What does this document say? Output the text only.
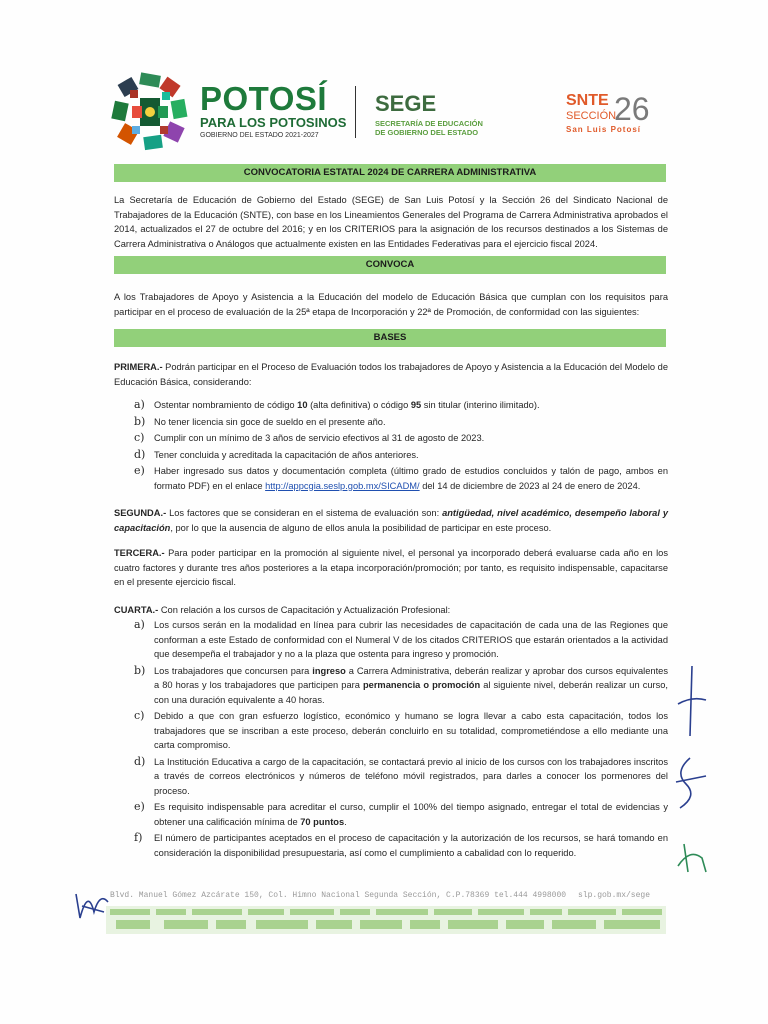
POTOSÍ
PARA LOS POTOSINOS
GOBIERNO DEL ESTADO 2021-2027
SEGE
SECRETARÍA DE EDUCACIÓN
DE GOBIERNO DEL ESTADO
SNTE
SECCIÓN
26
San Luis Potosí
CONVOCATORIA ESTATAL 2024 DE CARRERA ADMINISTRATIVA
La Secretaría de Educación de Gobierno del Estado (SEGE) de San Luis Potosí y la Sección 26 del Sindicato Nacional de Trabajadores de la Educación (SNTE), con base en los Lineamientos Generales del Programa de Carrera Administrativa aprobados el 2014, actualizados el 27 de octubre del 2016; y en los CRITERIOS para la asignación de los recursos destinados a los Sistemas de Carrera Administrativa o Análogos que actualmente existen en las Entidades Federativas para el ejercicio fiscal 2024.
CONVOCA
A los Trabajadores de Apoyo y Asistencia a la Educación del modelo de Educación Básica que cumplan con los requisitos para participar en el proceso de evaluación de la 25ª etapa de Incorporación y 22ª de Promoción, de conformidad con las siguientes:
BASES
PRIMERA.- Podrán participar en el Proceso de Evaluación todos los trabajadores de Apoyo y Asistencia a la Educación del Modelo de Educación Básica, considerando:
a) Ostentar nombramiento de código 10 (alta definitiva) o código 95 sin titular (interino ilimitado).
b) No tener licencia sin goce de sueldo en el presente año.
c) Cumplir con un mínimo de 3 años de servicio efectivos al 31 de agosto de 2023.
d) Tener concluida y acreditada la capacitación de años anteriores.
e) Haber ingresado sus datos y documentación completa (último grado de estudios concluidos y talón de pago, ambos en formato PDF) en el enlace http://appcgia.seslp.gob.mx/SICADM/ del 14 de diciembre de 2023 al 24 de enero de 2024.
SEGUNDA.- Los factores que se consideran en el sistema de evaluación son: antigüedad, nivel académico, desempeño laboral y capacitación, por lo que la ausencia de alguno de ellos anula la posibilidad de participar en este proceso.
TERCERA.- Para poder participar en la promoción al siguiente nivel, el personal ya incorporado deberá evaluarse cada año en los cuatro factores y durante tres años posteriores a la etapa incorporación/promoción; por tanto, es requisito indispensable, capacitarse en el presente ejercicio fiscal.
CUARTA.- Con relación a los cursos de Capacitación y Actualización Profesional:
a) Los cursos serán en la modalidad en línea para cubrir las necesidades de capacitación de cada una de las Regiones que conforman a este Estado de conformidad con el Numeral V de los citados CRITERIOS que estarán orientados a la actividad que desempeña el trabajador y no a la plaza que ostenta para ingreso y promoción.
b) Los trabajadores que concursen para ingreso a Carrera Administrativa, deberán realizar y aprobar dos cursos equivalentes a 80 horas y los trabajadores que participen para permanencia o promoción al siguiente nivel, deberán realizar un curso, con una duración equivalente a 40 horas.
c) Debido a que con gran esfuerzo logístico, económico y humano se logra llevar a cabo esta capacitación, todos los trabajadores que se inscriban a este proceso, deberán concluirlo en su totalidad, comprometiéndose a ello mediante una carta compromiso.
d) La Institución Educativa a cargo de la capacitación, se contactará previo al inicio de los cursos con los trabajadores inscritos a través de correos electrónicos y números de teléfono móvil registrados, para darles a conocer los pormenores del proceso.
e) Es requisito indispensable para acreditar el curso, cumplir el 100% del tiempo asignado, entregar el total de evidencias y obtener una calificación mínima de 70 puntos.
f) El número de participantes aceptados en el proceso de capacitación y la autorización de los recursos, se hará tomando en consideración la disponibilidad presupuestaria, así como el cumplimiento a cabalidad con lo requerido.
Blvd. Manuel Gómez Azcárate 150, Col. Himno Nacional Segunda Sección, C.P.78369 tel.444 4998000 slp.gob.mx/sege
